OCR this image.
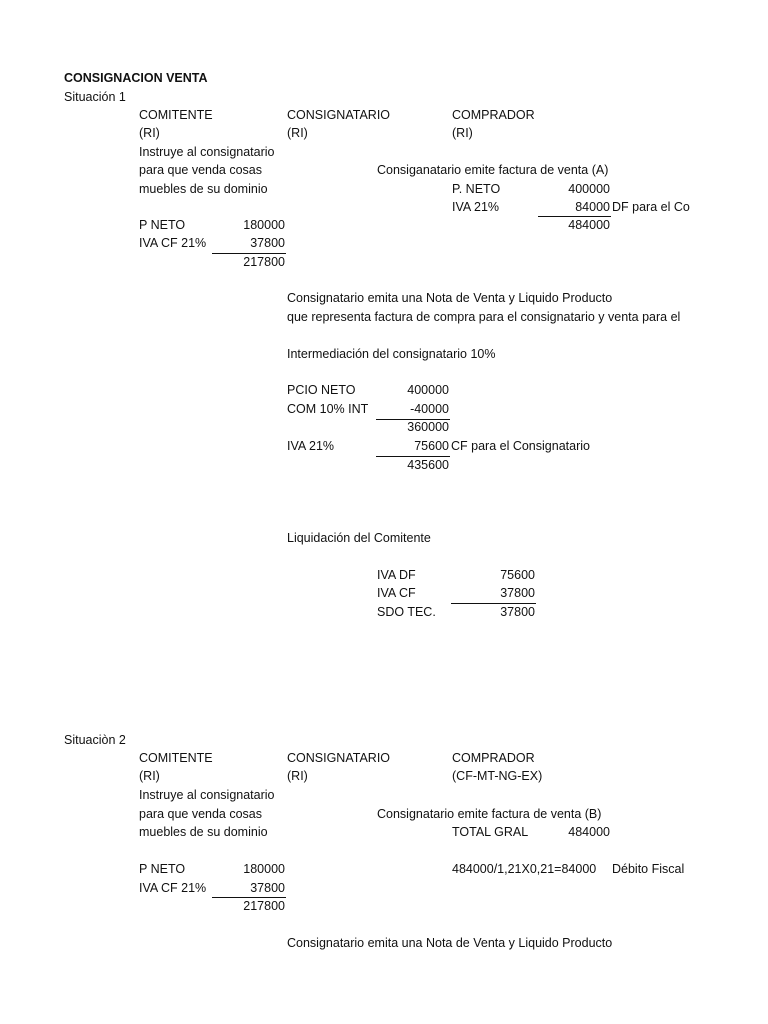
CONSIGNACION VENTA
Situación 1
COMITENTE	CONSIGNATARIO	COMPRADOR
(RI)	(RI)	(RI)
Instruye al consignatario
para que venda cosas	Consiganatario emite factura de venta (A)
muebles de su dominio	P. NETO	400000
IVA 21%	84000 DF para el Co
484000
P NETO	180000
IVA CF 21%	37800
217800
Consignatario emita una Nota de Venta y Liquido Producto
que representa factura de compra para el consignatario y venta para el
Intermediación del consignatario 10%
PCIO NETO	400000
COM 10% INT	-40000
360000
IVA 21%	75600 CF para el Consignatario
435600
Liquidación del Comitente
IVA DF	75600
IVA CF	37800
SDO TEC.	37800
Situaciòn 2
COMITENTE	CONSIGNATARIO	COMPRADOR
(RI)	(RI)	(CF-MT-NG-EX)
Instruye al consignatario
para que venda cosas	Consignatario emite factura de venta (B)
muebles de su dominio	TOTAL GRAL	484000
P NETO	180000	484000/1,21X0,21=84000 Débito Fiscal
IVA CF 21%	37800
217800
Consignatario emita una Nota de Venta y Liquido Producto
